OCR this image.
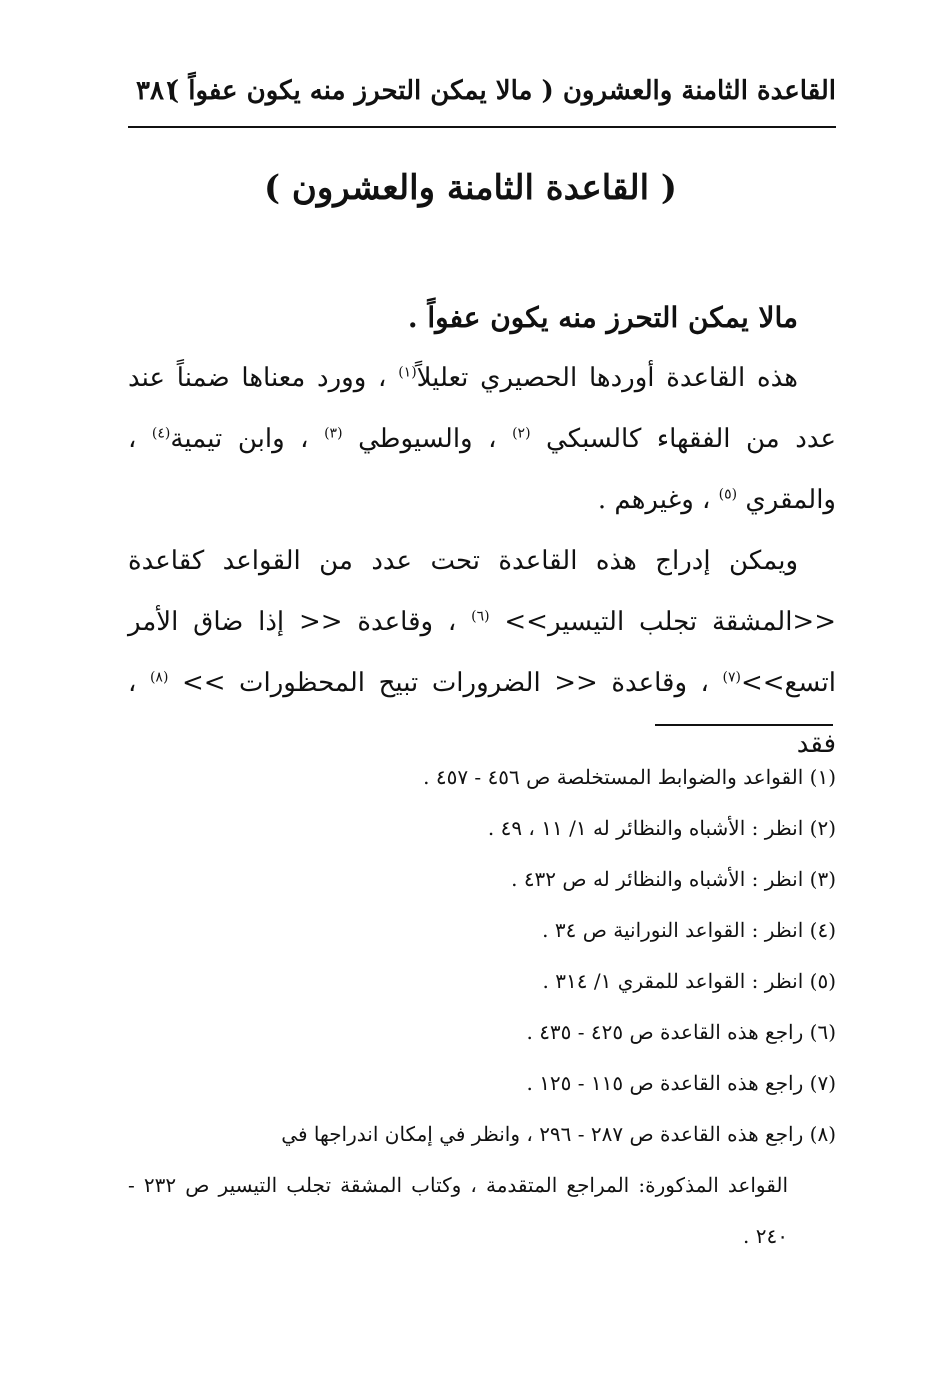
القاعدة الثامنة والعشرون ( مالا يمكن التحرز منه يكون عفواً )
٣٨١
( القاعدة الثامنة والعشرون )

مالا يمكن التحرز منه يكون عفواً .

هذه القاعدة أوردها الحصيري تعليلاً$^{(١)}$ ، وورد معناها ضمناً عند عدد من الفقهاء كالسبكي $^{(٢)}$ ، والسيوطي $^{(٣)}$ ، وابن تيمية$^{(٤)}$ ، والمقري $^{(٥)}$ ، وغيرهم .

ويمكن إدراج هذه القاعدة تحت عدد من القواعد كقاعدة <<المشقة تجلب التيسير>> $^{(٦)}$ ، وقاعدة << إذا ضاق الأمر اتسع>>$^{(٧)}$ ، وقاعدة << الضرورات تبيح المحظورات >> $^{(٨)}$ ، فقد

(١) القواعد والضوابط المستخلصة ص ٤٥٦ - ٤٥٧ .

(٢) انظر : الأشباه والنظائر له ١/ ١١ ، ٤٩ .

(٣) انظر : الأشباه والنظائر له ص ٤٣٢ .

(٤) انظر : القواعد النورانية ص ٣٤ .

(٥) انظر : القواعد للمقري ١/ ٣١٤ .

(٦) راجع هذه القاعدة ص ٤٢٥ - ٤٣٥ .

(٧) راجع هذه القاعدة ص ١١٥ - ١٢٥ .

(٨) راجع هذه القاعدة ص ٢٨٧ - ٢٩٦ ، وانظر في إمكان اندراجها في

القواعد المذكورة: المراجع المتقدمة ، وكتاب المشقة تجلب التيسير ص ٢٣٢ - ٢٤٠ .
